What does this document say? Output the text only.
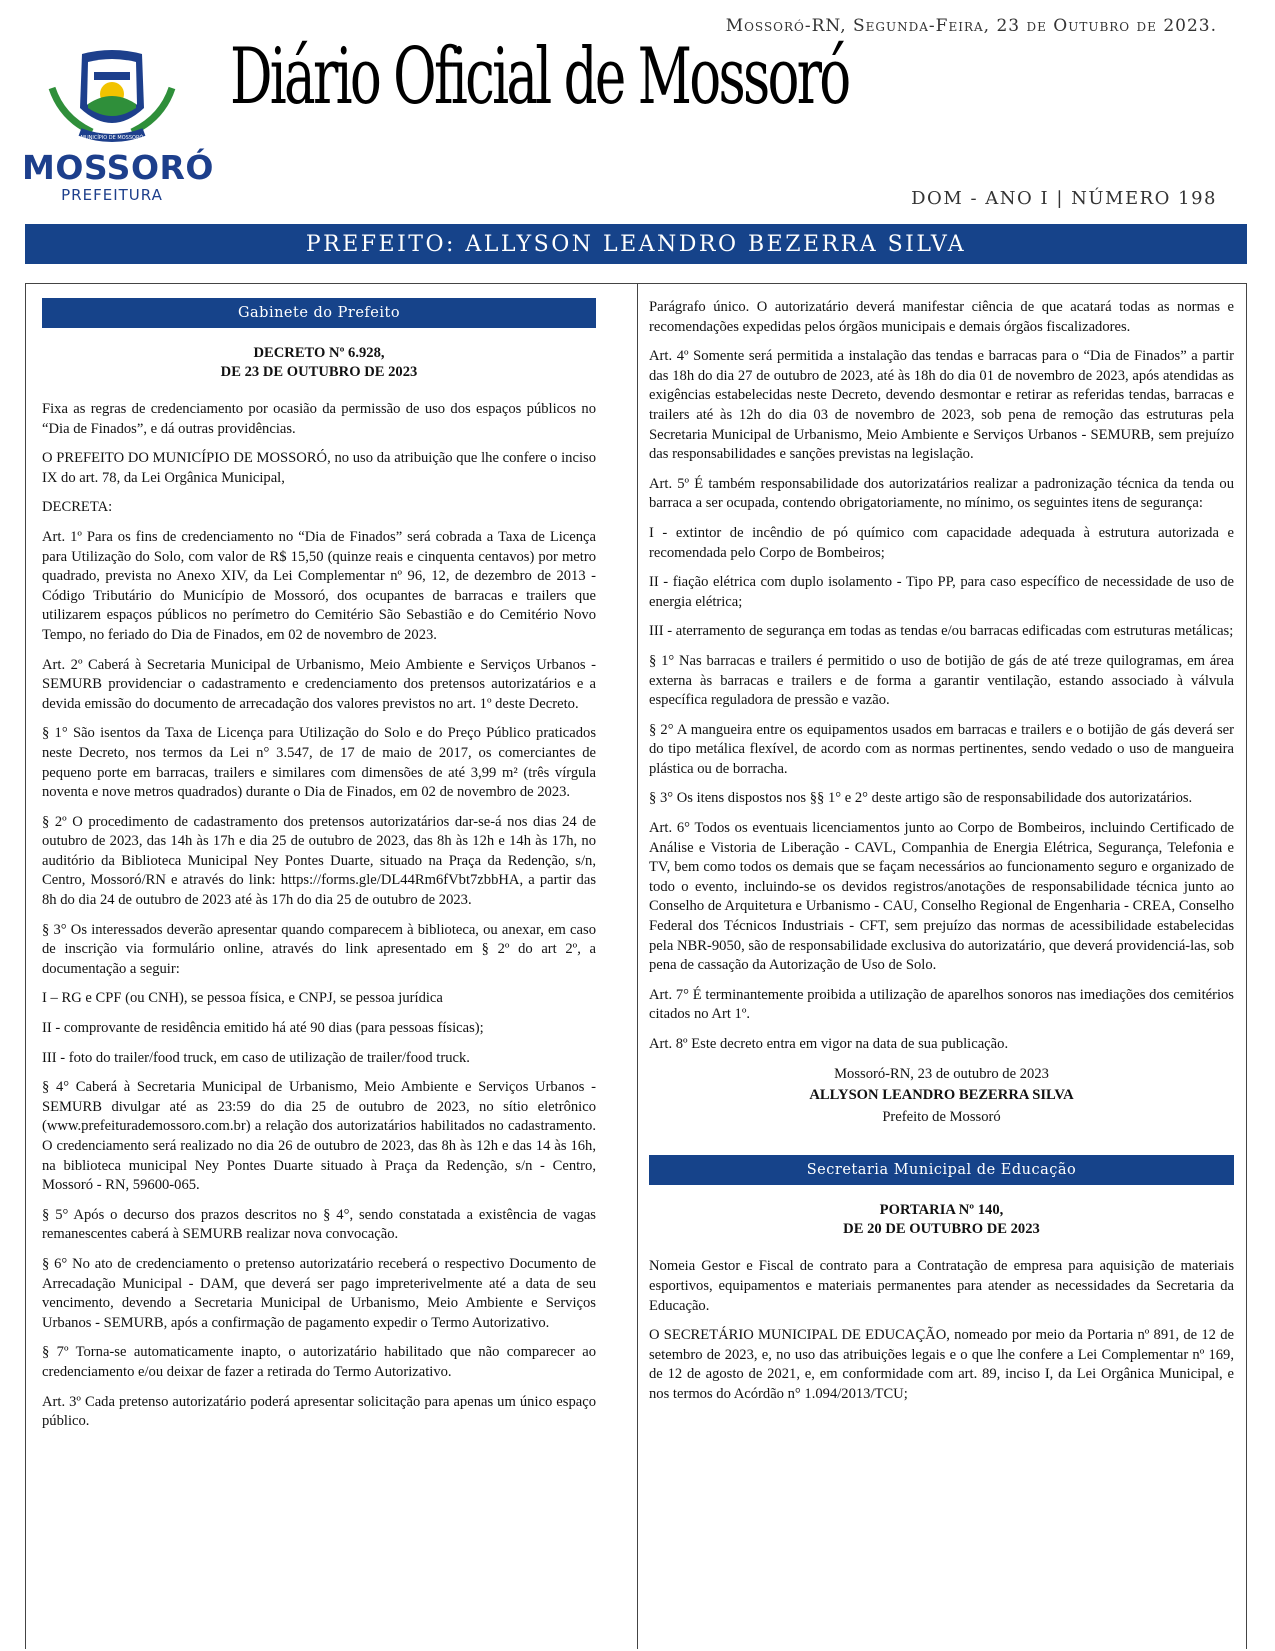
Mossoró-RN, Segunda-Feira, 23 de Outubro de 2023.
MUNICÍPIO DE MOSSORÓ
MOSSORÓ
PREFEITURA
Diário Oficial de Mossoró
DOM - ANO I | NÚMERO 198
PREFEITO: ALLYSON LEANDRO BEZERRA SILVA
Gabinete do Prefeito
DECRETO Nº 6.928,
DE 23 DE OUTUBRO DE 2023

Fixa as regras de credenciamento por ocasião da permissão de uso dos espaços públicos no “Dia de Finados”, e dá outras providências.

O PREFEITO DO MUNICÍPIO DE MOSSORÓ, no uso da atribuição que lhe confere o inciso IX do art. 78, da Lei Orgânica Municipal,

DECRETA:

Art. 1º Para os fins de credenciamento no “Dia de Finados” será cobrada a Taxa de Licença para Utilização do Solo, com valor de R$ 15,50 (quinze reais e cinquenta centavos) por metro quadrado, prevista no Anexo XIV, da Lei Complementar nº 96, 12, de dezembro de 2013 - Código Tributário do Município de Mossoró, dos ocupantes de barracas e trailers que utilizarem espaços públicos no perímetro do Cemitério São Sebastião e do Cemitério Novo Tempo, no feriado do Dia de Finados, em 02 de novembro de 2023.

Art. 2º Caberá à Secretaria Municipal de Urbanismo, Meio Ambiente e Serviços Urbanos - SEMURB providenciar o cadastramento e credenciamento dos pretensos autorizatários e a devida emissão do documento de arrecadação dos valores previstos no art. 1º deste Decreto.

§ 1° São isentos da Taxa de Licença para Utilização do Solo e do Preço Público praticados neste Decreto, nos termos da Lei n° 3.547, de 17 de maio de 2017, os comerciantes de pequeno porte em barracas, trailers e similares com dimensões de até 3,99 m² (três vírgula noventa e nove metros quadrados) durante o Dia de Finados, em 02 de novembro de 2023.

§ 2º O procedimento de cadastramento dos pretensos autorizatários dar-se-á nos dias 24 de outubro de 2023, das 14h às 17h e dia 25 de outubro de 2023, das 8h às 12h e 14h às 17h, no auditório da Biblioteca Municipal Ney Pontes Duarte, situado na Praça da Redenção, s/n, Centro, Mossoró/RN e através do link: https://forms.gle/DL44Rm6fVbt7zbbHA, a partir das 8h do dia 24 de outubro de 2023 até às 17h do dia 25 de outubro de 2023.

§ 3° Os interessados deverão apresentar quando comparecem à biblioteca, ou anexar, em caso de inscrição via formulário online, através do link apresentado em § 2º do art 2º, a documentação a seguir:

I – RG e CPF (ou CNH), se pessoa física, e CNPJ, se pessoa jurídica

II - comprovante de residência emitido há até 90 dias (para pessoas físicas);

III - foto do trailer/food truck, em caso de utilização de trailer/food truck.

§ 4° Caberá à Secretaria Municipal de Urbanismo, Meio Ambiente e Serviços Urbanos - SEMURB divulgar até as 23:59 do dia 25 de outubro de 2023, no sítio eletrônico (www.prefeiturademossoro.com.br) a relação dos autorizatários habilitados no cadastramento. O credenciamento será realizado no dia 26 de outubro de 2023, das 8h às 12h e das 14 às 16h, na biblioteca municipal Ney Pontes Duarte situado à Praça da Redenção, s/n - Centro, Mossoró - RN, 59600-065.

§ 5° Após o decurso dos prazos descritos no § 4°, sendo constatada a existência de vagas remanescentes caberá à SEMURB realizar nova convocação.

§ 6° No ato de credenciamento o pretenso autorizatário receberá o respectivo Documento de Arrecadação Municipal - DAM, que deverá ser pago impreterivelmente até a data de seu vencimento, devendo a Secretaria Municipal de Urbanismo, Meio Ambiente e Serviços Urbanos - SEMURB, após a confirmação de pagamento expedir o Termo Autorizativo.

§ 7º Torna-se automaticamente inapto, o autorizatário habilitado que não comparecer ao credenciamento e/ou deixar de fazer a retirada do Termo Autorizativo.

Art. 3º Cada pretenso autorizatário poderá apresentar solicitação para apenas um único espaço público.

Parágrafo único. O autorizatário deverá manifestar ciência de que acatará todas as normas e recomendações expedidas pelos órgãos municipais e demais órgãos fiscalizadores.

Art. 4º Somente será permitida a instalação das tendas e barracas para o “Dia de Finados” a partir das 18h do dia 27 de outubro de 2023, até às 18h do dia 01 de novembro de 2023, após atendidas as exigências estabelecidas neste Decreto, devendo desmontar e retirar as referidas tendas, barracas e trailers até às 12h do dia 03 de novembro de 2023, sob pena de remoção das estruturas pela Secretaria Municipal de Urbanismo, Meio Ambiente e Serviços Urbanos - SEMURB, sem prejuízo das responsabilidades e sanções previstas na legislação.

Art. 5º É também responsabilidade dos autorizatários realizar a padronização técnica da tenda ou barraca a ser ocupada, contendo obrigatoriamente, no mínimo, os seguintes itens de segurança:

I - extintor de incêndio de pó químico com capacidade adequada à estrutura autorizada e recomendada pelo Corpo de Bombeiros;

II - fiação elétrica com duplo isolamento - Tipo PP, para caso específico de necessidade de uso de energia elétrica;

III - aterramento de segurança em todas as tendas e/ou barracas edificadas com estruturas metálicas;

§ 1° Nas barracas e trailers é permitido o uso de botijão de gás de até treze quilogramas, em área externa às barracas e trailers e de forma a garantir ventilação, estando associado à válvula específica reguladora de pressão e vazão.

§ 2° A mangueira entre os equipamentos usados em barracas e trailers e o botijão de gás deverá ser do tipo metálica flexível, de acordo com as normas pertinentes, sendo vedado o uso de mangueira plástica ou de borracha.

§ 3° Os itens dispostos nos §§ 1° e 2° deste artigo são de responsabilidade dos autorizatários.

Art. 6° Todos os eventuais licenciamentos junto ao Corpo de Bombeiros, incluindo Certificado de Análise e Vistoria de Liberação - CAVL, Companhia de Energia Elétrica, Segurança, Telefonia e TV, bem como todos os demais que se façam necessários ao funcionamento seguro e organizado de todo o evento, incluindo-se os devidos registros/anotações de responsabilidade técnica junto ao Conselho de Arquitetura e Urbanismo - CAU, Conselho Regional de Engenharia - CREA, Conselho Federal dos Técnicos Industriais - CFT, sem prejuízo das normas de acessibilidade estabelecidas pela NBR-9050, são de responsabilidade exclusiva do autorizatário, que deverá providenciá-las, sob pena de cassação da Autorização de Uso de Solo.

Art. 7° É terminantemente proibida a utilização de aparelhos sonoros nas imediações dos cemitérios citados no Art 1º.

Art. 8º Este decreto entra em vigor na data de sua publicação.

Mossoró-RN, 23 de outubro de 2023

ALLYSON LEANDRO BEZERRA SILVA

Prefeito de Mossoró

Secretaria Municipal de Educação
PORTARIA Nº 140,
DE 20 DE OUTUBRO DE 2023

Nomeia Gestor e Fiscal de contrato para a Contratação de empresa para aquisição de materiais esportivos, equipamentos e materiais permanentes para atender as necessidades da Secretaria da Educação.

O SECRETÁRIO MUNICIPAL DE EDUCAÇÃO, nomeado por meio da Portaria nº 891, de 12 de setembro de 2023, e, no uso das atribuições legais e o que lhe confere a Lei Complementar nº 169, de 12 de agosto de 2021, e, em conformidade com art. 89, inciso I, da Lei Orgânica Municipal, e nos termos do Acórdão n° 1.094/2013/TCU;
